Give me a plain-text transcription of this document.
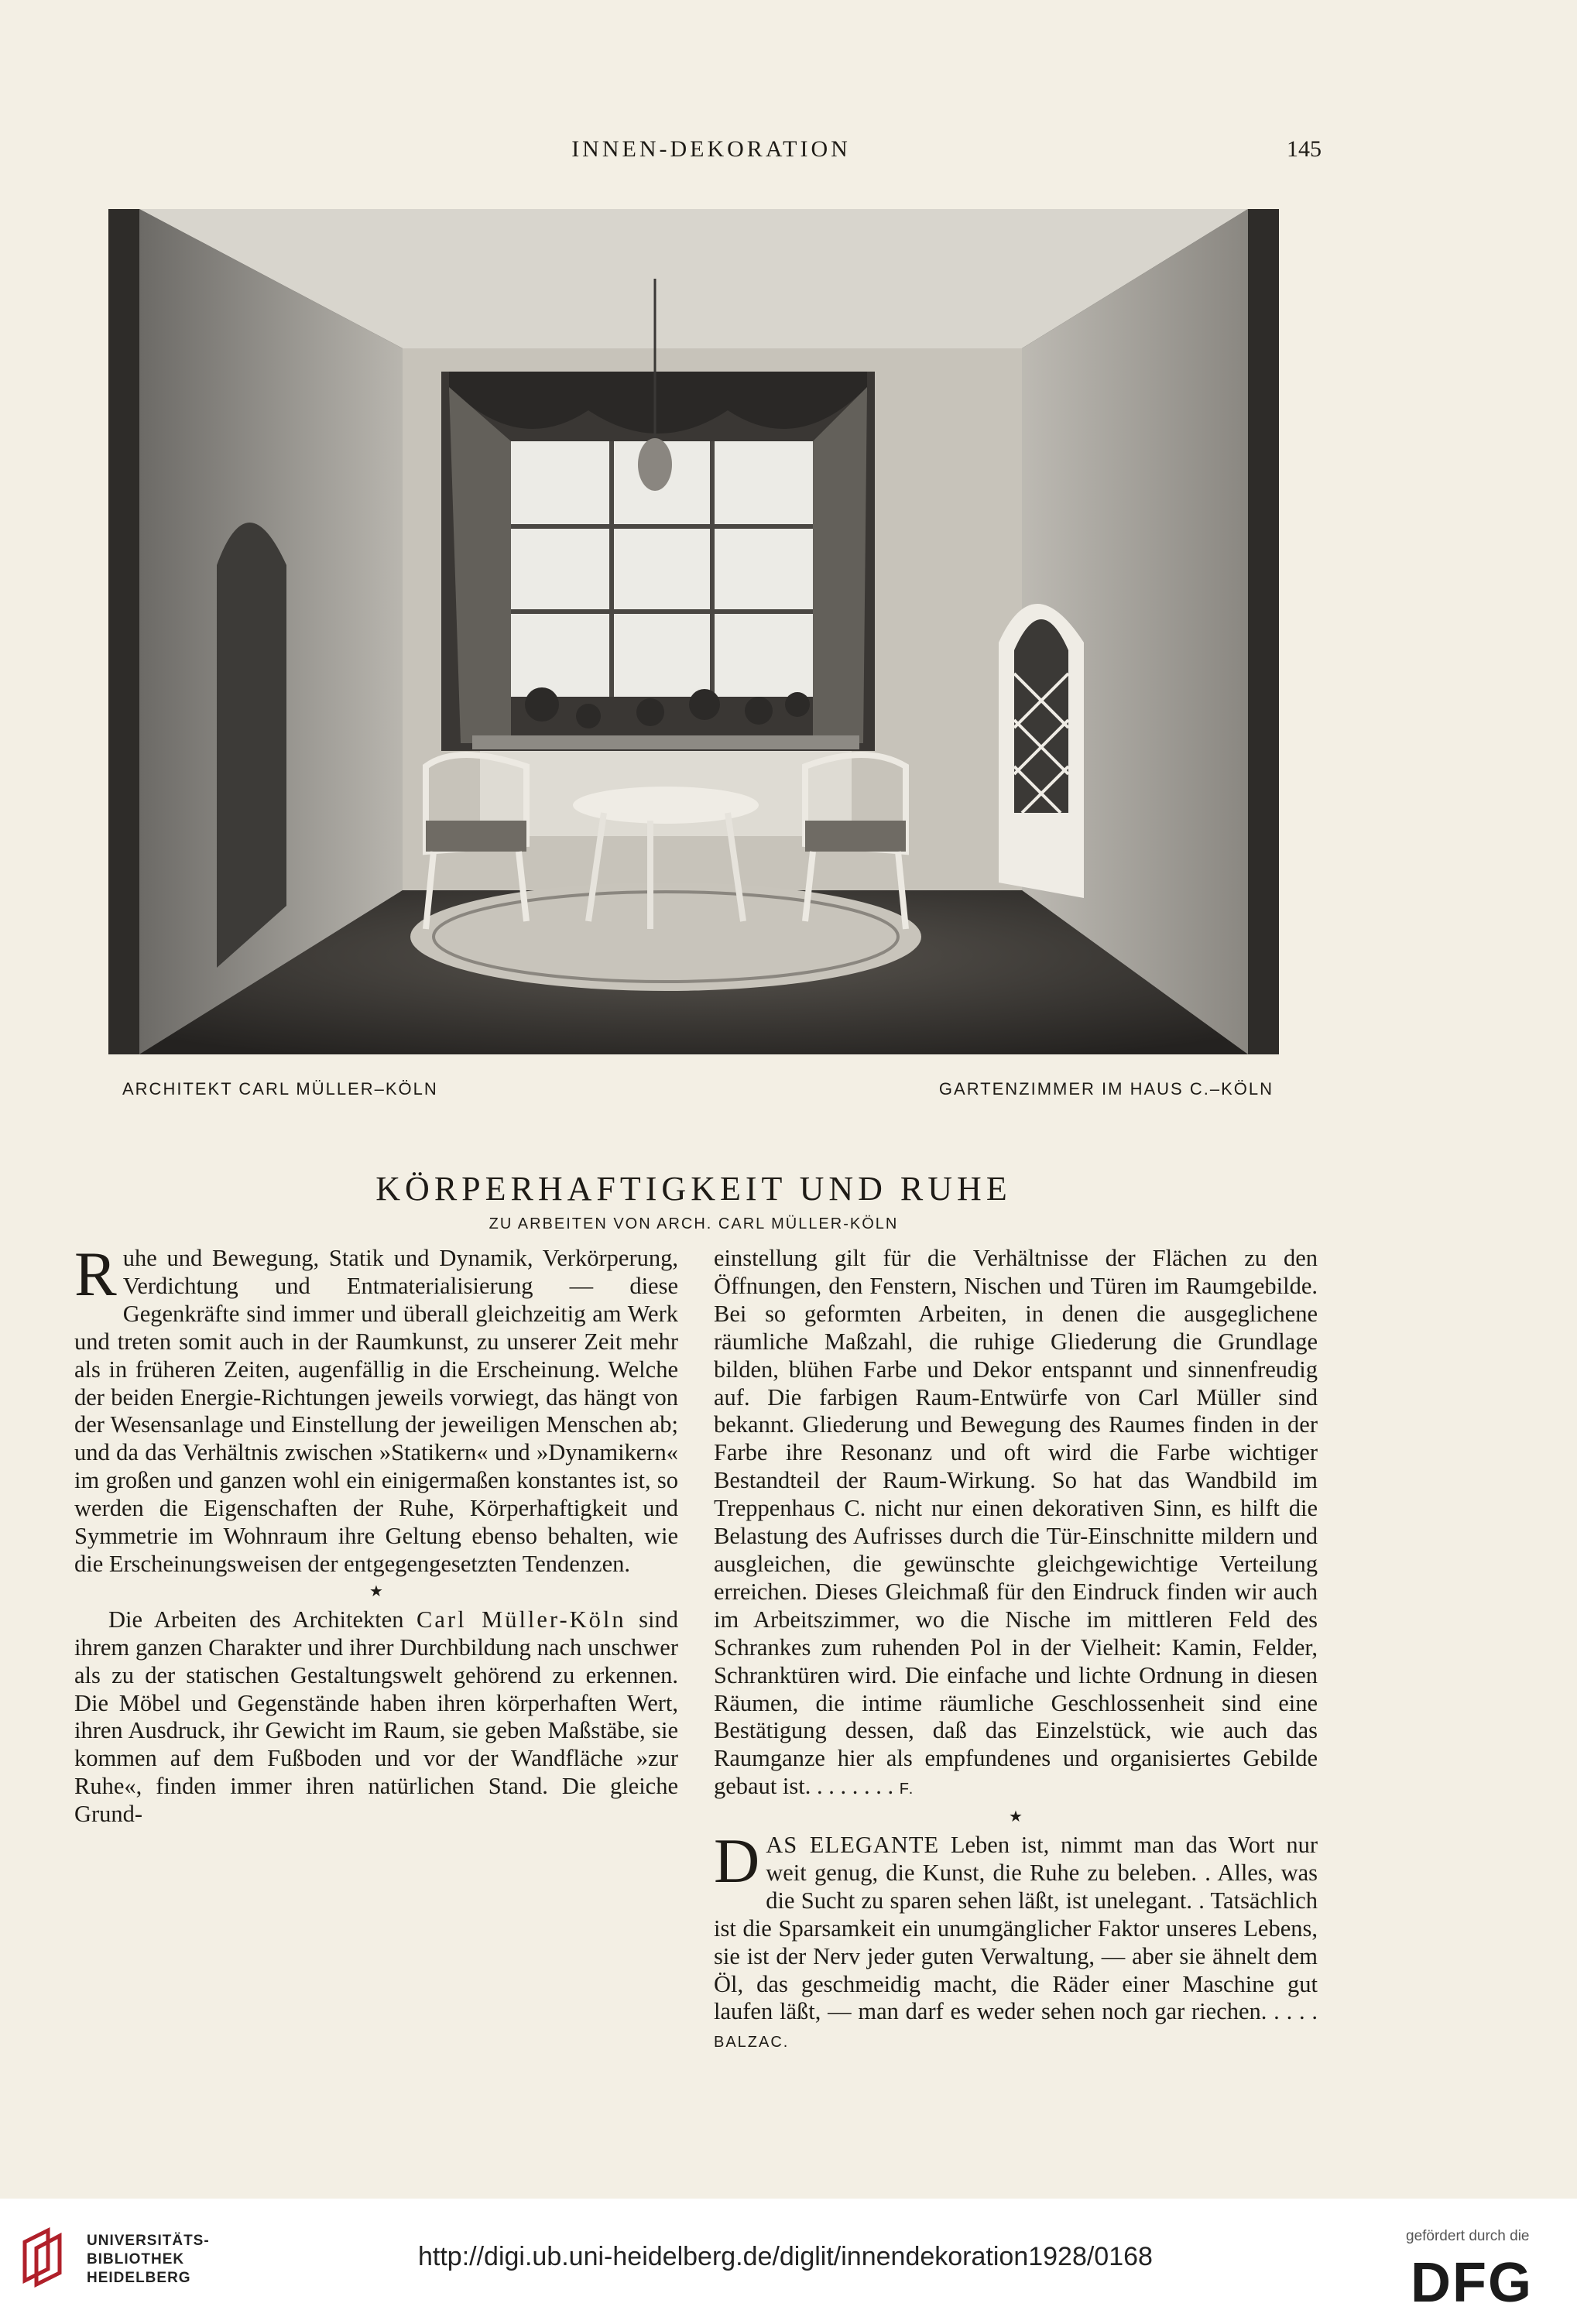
INNEN-DEKORATION	145
ARCHITEKT CARL MÜLLER–KÖLN	GARTENZIMMER IM HAUS C.–KÖLN
KÖRPERHAFTIGKEIT UND RUHE
ZU ARBEITEN VON ARCH. CARL MÜLLER-KÖLN

Ruhe und Bewegung, Statik und Dynamik, Verkörperung, Verdichtung und Entmaterialisierung — diese Gegenkräfte sind immer und überall gleichzeitig am Werk und treten somit auch in der Raumkunst, zu unserer Zeit mehr als in früheren Zeiten, augenfällig in die Erscheinung. Welche der beiden Energie-Richtungen jeweils vorwiegt, das hängt von der Wesensanlage und Einstellung der jeweiligen Menschen ab; und da das Verhältnis zwischen »Statikern« und »Dynamikern« im großen und ganzen wohl ein einigermaßen konstantes ist, so werden die Eigenschaften der Ruhe, Körperhaftigkeit und Symmetrie im Wohnraum ihre Geltung ebenso behalten, wie die Erscheinungsweisen der entgegengesetzten Tendenzen.

★

Die Arbeiten des Architekten Carl Müller-Köln sind ihrem ganzen Charakter und ihrer Durchbildung nach unschwer als zu der statischen Gestaltungswelt gehörend zu erkennen. Die Möbel und Gegenstände haben ihren körperhaften Wert, ihren Ausdruck, ihr Gewicht im Raum, sie geben Maßstäbe, sie kommen auf dem Fußboden und vor der Wandfläche »zur Ruhe«, finden immer ihren natürlichen Stand. Die gleiche Grund-

einstellung gilt für die Verhältnisse der Flächen zu den Öffnungen, den Fenstern, Nischen und Türen im Raumgebilde. Bei so geformten Arbeiten, in denen die ausgeglichene räumliche Maßzahl, die ruhige Gliederung die Grundlage bilden, blühen Farbe und Dekor entspannt und sinnenfreudig auf. Die farbigen Raum-Entwürfe von Carl Müller sind bekannt. Gliederung und Bewegung des Raumes finden in der Farbe ihre Resonanz und oft wird die Farbe wichtiger Bestandteil der Raum-Wirkung. So hat das Wandbild im Treppenhaus C. nicht nur einen dekorativen Sinn, es hilft die Belastung des Aufrisses durch die Tür-Einschnitte mildern und ausgleichen, die gewünschte gleichgewichtige Verteilung erreichen. Dieses Gleichmaß für den Eindruck finden wir auch im Arbeitszimmer, wo die Nische im mittleren Feld des Schrankes zum ruhenden Pol in der Vielheit: Kamin, Felder, Schranktüren wird. Die einfache und lichte Ordnung in diesen Räumen, die intime räumliche Geschlossenheit sind eine Bestätigung dessen, daß das Einzelstück, wie auch das Raumganze hier als empfundenes und organisiertes Gebilde gebaut ist. . . . . . . . F.

★

DAS ELEGANTE Leben ist, nimmt man das Wort nur weit genug, die Kunst, die Ruhe zu beleben. . Alles, was die Sucht zu sparen sehen läßt, ist unelegant. . Tatsächlich ist die Sparsamkeit ein unumgänglicher Faktor unseres Lebens, sie ist der Nerv jeder guten Verwaltung, — aber sie ähnelt dem Öl, das geschmeidig macht, die Räder einer Maschine gut laufen läßt, — man darf es weder sehen noch gar riechen. . . . . BALZAC.

UNIVERSITÄTS-
BIBLIOTHEK
HEIDELBERG
http://digi.ub.uni-heidelberg.de/diglit/innendekoration1928/0168
gefördert durch die
DFG
